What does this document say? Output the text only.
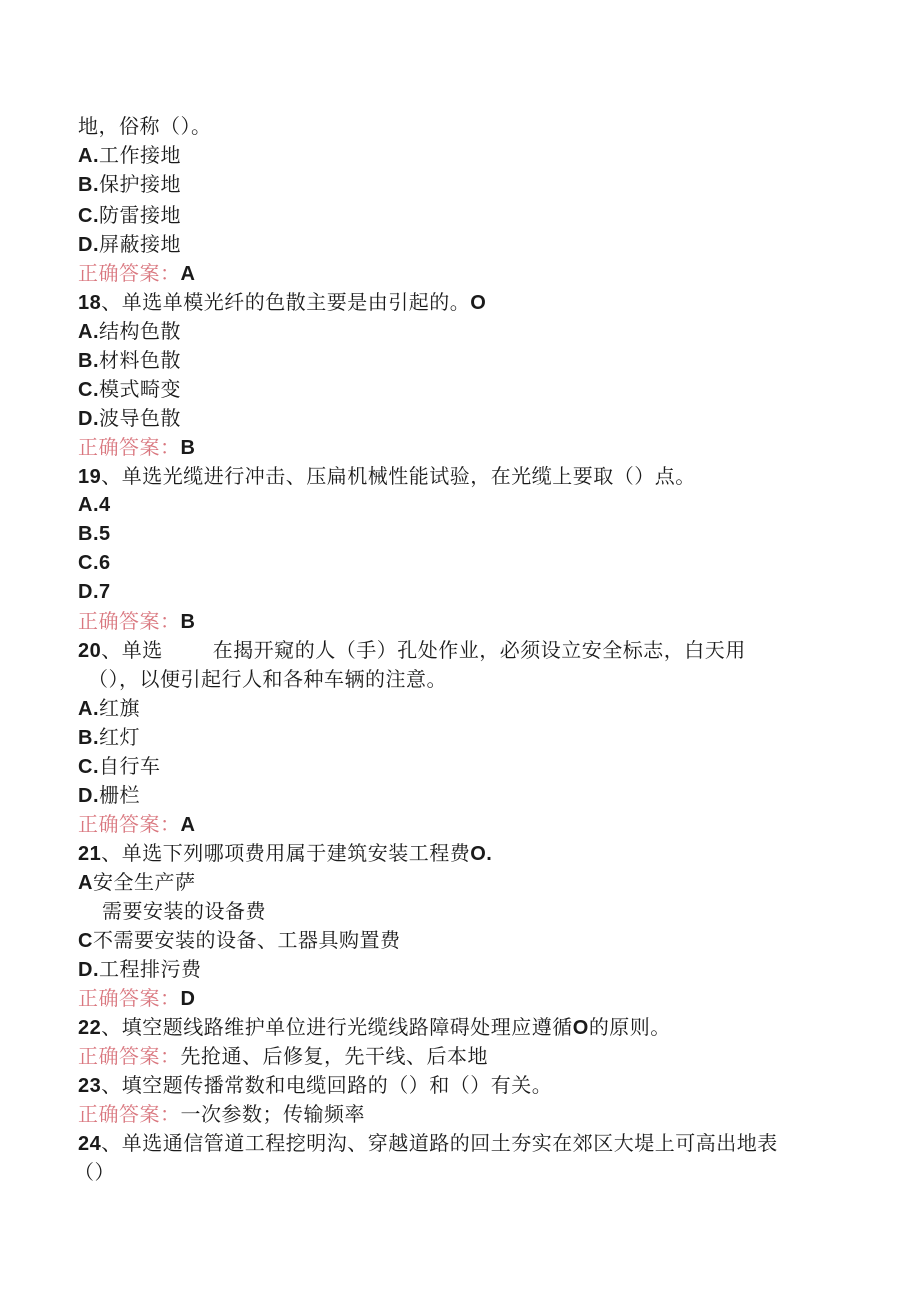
地，俗称（）。
A.工作接地
B.保护接地
C.防雷接地
D.屏蔽接地
正确答案：A
18、单选单模光纤的色散主要是由引起的。O
A.结构色散
B.材料色散
C.模式畸变
D.波导色散
正确答案：B
19、单选光缆进行冲击、压扁机械性能试验，在光缆上要取（）点。
A.4
B.5
C.6
D.7
正确答案：B
20、单选	在揭开窥的人（手）孔处作业，必须设立安全标志，白天用
（），以便引起行人和各种车辆的注意。
A.红旗
B.红灯
C.自行车
D.栅栏
正确答案：A
21、单选下列哪项费用属于建筑安装工程费O.
A安全生产萨
需要安装的设备费
C不需要安装的设备、工器具购置费
D.工程排污费
正确答案：D
22、填空题线路维护单位进行光缆线路障碍处理应遵循O的原则。
正确答案：先抢通、后修复，先干线、后本地
23、填空题传播常数和电缆回路的（）和（）有关。
正确答案：一次参数；传输频率
24、单选通信管道工程挖明沟、穿越道路的回土夯实在郊区大堤上可高出地表
（）
